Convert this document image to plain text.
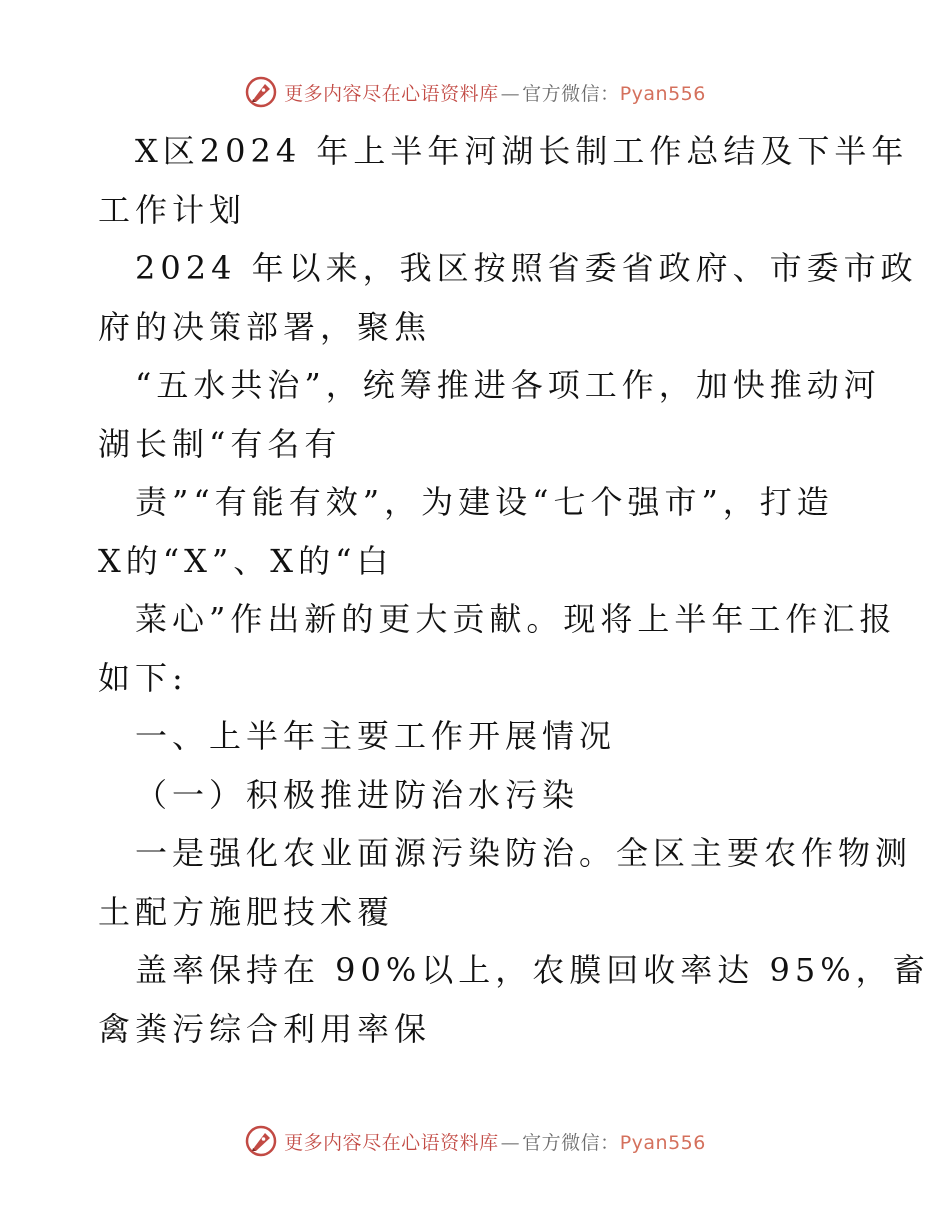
更多内容尽在心语资料库 — 官方微信： Pyan556
X区2024 年上半年河湖长制工作总结及下半年
工作计划
2024 年以来，我区按照省委省政府、市委市政
府的决策部署，聚焦
“五水共治”，统筹推进各项工作，加快推动河
湖长制“有名有
责”“有能有效”，为建设“七个强市”，打造
X的“X”、X的“白
菜心”作出新的更大贡献。现将上半年工作汇报
如下:
一、上半年主要工作开展情况
（一）积极推进防治水污染
一是强化农业面源污染防治。全区主要农作物测
土配方施肥技术覆
盖率保持在 90%以上，农膜回收率达 95%，畜
禽粪污综合利用率保
更多内容尽在心语资料库 — 官方微信： Pyan556
